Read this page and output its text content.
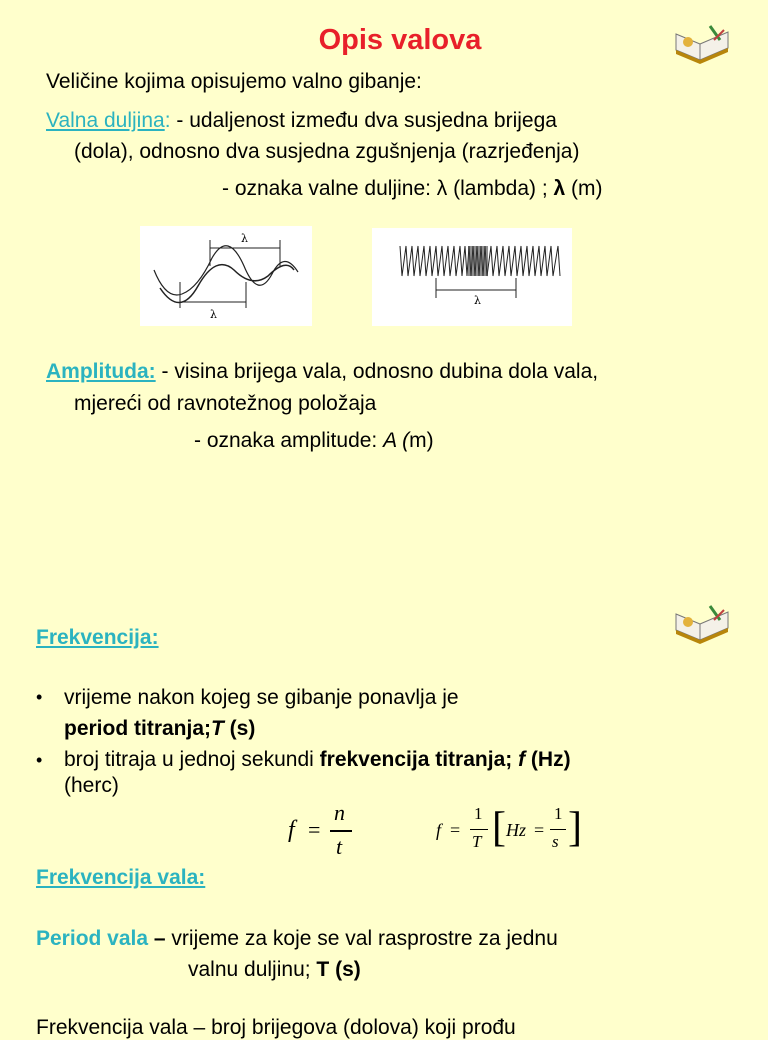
Opis valova
Veličine kojima opisujemo valno gibanje:
Valna duljina: - udaljenost između dva susjedna brijega
(dola), odnosno dva susjedna zgušnjenja (razrjeđenja)
- oznaka valne duljine: λ (lambda) ; λ (m)
λ
λ
λ
Amplituda: - visina brijega vala, odnosno dubina dola vala,
mjereći od ravnotežnog položaja
- oznaka amplitude: A (m)
Frekvencija:
• vrijeme nakon kojeg se gibanje ponavlja je
period titranja;T (s)
• broj titraja u jednoj sekundi frekvencija titranja; f (Hz)
(herc)
f =
n
t
f =
1
T [ Hz =
1
s ]
Frekvencija vala:
Period vala – vrijeme za koje se val rasprostre za jednu
valnu duljinu; T (s)
Frekvencija vala – broj brijegova (dolova) koji prođu
